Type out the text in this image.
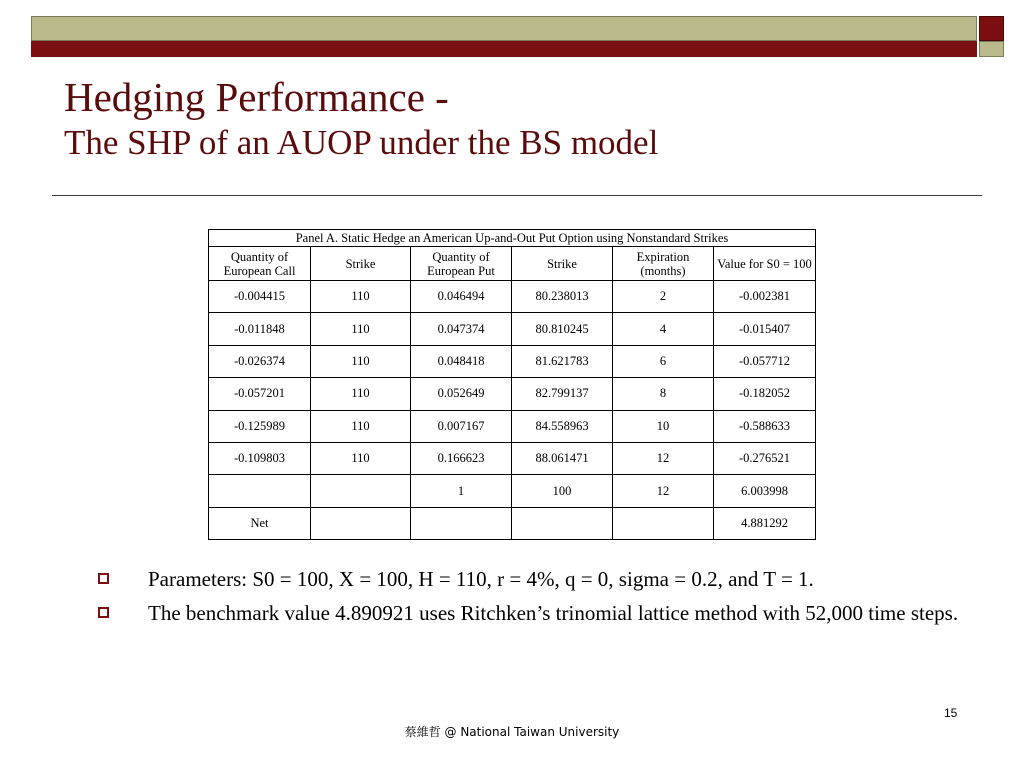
Hedging Performance -
The SHP of an AUOP under the BS model
Panel A. Static Hedge an American Up-and-Out Put Option using Nonstandard Strikes					
Quantity of European Call	Strike	Quantity of European Put	Strike	Expiration (months)	Value for S0 = 100
-0.004415	110	0.046494	80.238013	2	-0.002381
-0.011848	110	0.047374	80.810245	4	-0.015407
-0.026374	110	0.048418	81.621783	6	-0.057712
-0.057201	110	0.052649	82.799137	8	-0.182052
-0.125989	110	0.007167	84.558963	10	-0.588633
-0.109803	110	0.166623	88.061471	12	-0.276521
		1	100	12	6.003998
Net					4.881292
Parameters: S0 = 100, X = 100, H = 110, r = 4%, q = 0, sigma = 0.2, and T = 1.
The benchmark value 4.890921 uses Ritchken’s trinomial lattice method with 52,000 time steps.
15
蔡維哲 @ National Taiwan University
